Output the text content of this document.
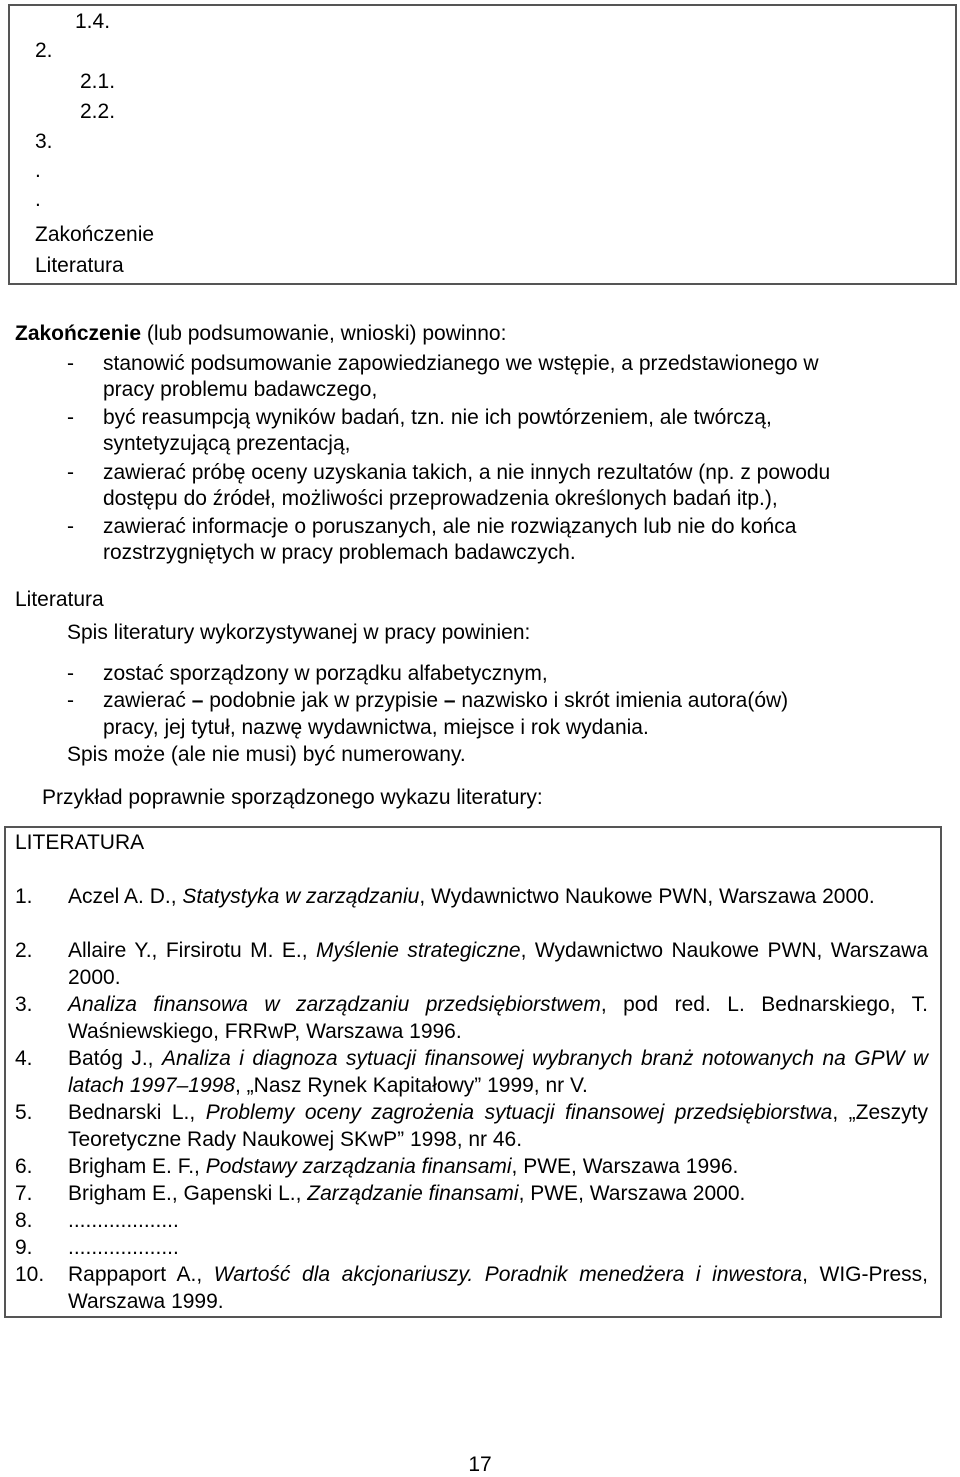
1.4.
2.
2.1.
2.2.
3.
.
.
Zakończenie
Literatura
Zakończenie (lub podsumowanie, wnioski) powinno:
- stanowić podsumowanie zapowiedzianego we wstępie, a przedstawionego w
pracy problemu badawczego,
- być reasumpcją wyników badań, tzn. nie ich powtórzeniem, ale twórczą,
syntetyzującą prezentacją,
- zawierać próbę oceny uzyskania takich, a nie innych rezultatów (np. z powodu
dostępu do źródeł, możliwości przeprowadzenia określonych badań itp.),
- zawierać informacje o poruszanych, ale nie rozwiązanych lub nie do końca
rozstrzygniętych w pracy problemach badawczych.
Literatura
Spis literatury wykorzystywanej w pracy powinien:
- zostać sporządzony w porządku alfabetycznym,
- zawierać – podobnie jak w przypisie – nazwisko i skrót imienia autora(ów)
pracy, jej tytuł, nazwę wydawnictwa, miejsce i rok wydania.
Spis może (ale nie musi) być numerowany.
Przykład poprawnie sporządzonego wykazu literatury:
LITERATURA
1. Aczel A. D., Statystyka w zarządzaniu, Wydawnictwo Naukowe PWN, Warszawa 2000.
2. Allaire Y., Firsirotu M. E., Myślenie strategiczne, Wydawnictwo Naukowe PWN, Warszawa 2000.
3. Analiza finansowa w zarządzaniu przedsiębiorstwem, pod red. L. Bednarskiego, T. Waśniewskiego, FRRwP, Warszawa 1996.
4. Batóg J., Analiza i diagnoza sytuacji finansowej wybranych branż notowanych na GPW w latach 1997–1998, „Nasz Rynek Kapitałowy” 1999, nr V.
5. Bednarski L., Problemy oceny zagrożenia sytuacji finansowej przedsiębiorstwa, „Zeszyty Teoretyczne Rady Naukowej SKwP” 1998, nr 46.
6. Brigham E. F., Podstawy zarządzania finansami, PWE, Warszawa 1996.
7. Brigham E., Gapenski L., Zarządzanie finansami, PWE, Warszawa 2000.
8. ...................
9. ...................
10. Rappaport A., Wartość dla akcjonariuszy. Poradnik menedżera i inwestora, WIG-Press, Warszawa 1999.
17
